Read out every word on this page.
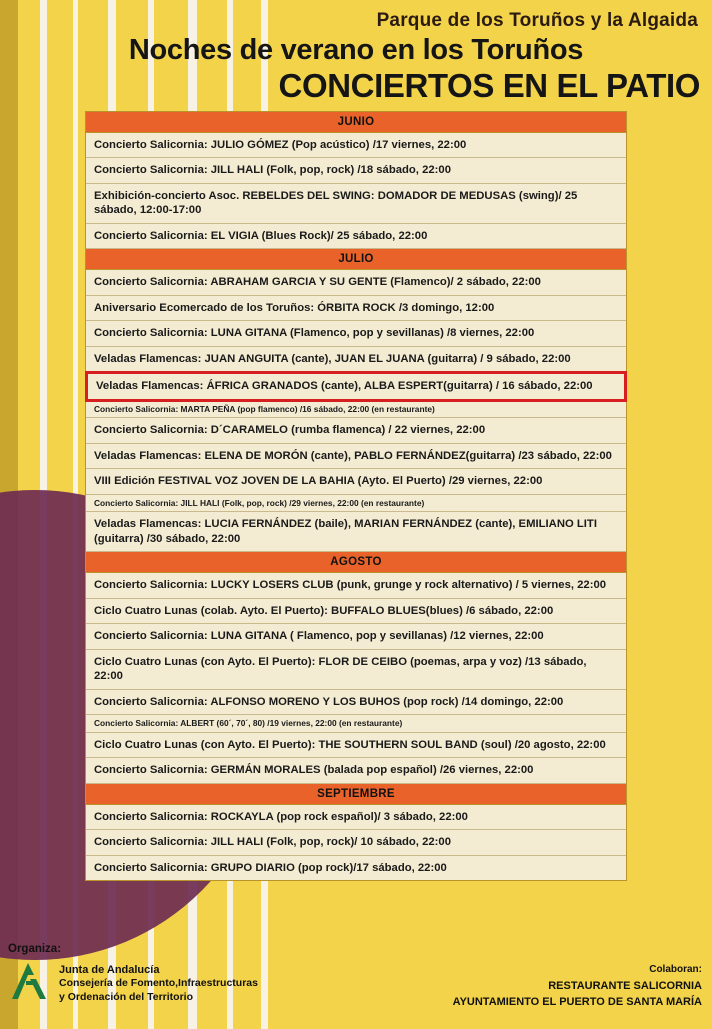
Parque de los Toruños y la Algaida
Noches de verano en los Toruños
CONCIERTOS EN EL PATIO
JUNIO
Concierto Salicornia: JULIO GÓMEZ (Pop acústico) /17 viernes, 22:00
Concierto Salicornia: JILL HALI (Folk, pop, rock) /18 sábado, 22:00
Exhibición-concierto Asoc. REBELDES DEL SWING: DOMADOR DE MEDUSAS (swing)/ 25 sábado, 12:00-17:00
Concierto Salicornia: EL VIGIA (Blues Rock)/ 25 sábado, 22:00
JULIO
Concierto Salicornia: ABRAHAM GARCIA Y SU GENTE (Flamenco)/ 2 sábado, 22:00
Aniversario Ecomercado de los Toruños: ÓRBITA ROCK /3 domingo, 12:00
Concierto Salicornia: LUNA GITANA (Flamenco, pop y sevillanas) /8 viernes, 22:00
Veladas Flamencas: JUAN ANGUITA (cante), JUAN EL JUANA (guitarra) / 9 sábado, 22:00
Veladas Flamencas: ÁFRICA GRANADOS (cante), ALBA ESPERT(guitarra) / 16 sábado, 22:00
Concierto Salicornia: MARTA PEÑA (pop flamenco) /16 sábado, 22:00 (en restaurante)
Concierto Salicornia: D´CARAMELO (rumba flamenca) / 22 viernes, 22:00
Veladas Flamencas: ELENA DE MORÓN (cante), PABLO FERNÁNDEZ(guitarra) /23 sábado, 22:00
VIII Edición FESTIVAL VOZ JOVEN DE LA BAHIA (Ayto. El Puerto) /29 viernes, 22:00
Concierto Salicornia: JILL HALI (Folk, pop, rock) /29 viernes, 22:00 (en restaurante)
Veladas Flamencas: LUCIA FERNÁNDEZ (baile), MARIAN FERNÁNDEZ (cante), EMILIANO LITI (guitarra) /30 sábado, 22:00
AGOSTO
Concierto Salicornia: LUCKY LOSERS CLUB (punk, grunge y rock alternativo) / 5 viernes, 22:00
Ciclo Cuatro Lunas (colab. Ayto. El Puerto): BUFFALO BLUES(blues) /6 sábado, 22:00
Concierto Salicornia: LUNA GITANA ( Flamenco, pop y sevillanas) /12 viernes, 22:00
Ciclo Cuatro Lunas (con Ayto. El Puerto): FLOR DE CEIBO (poemas, arpa y voz) /13 sábado, 22:00
Concierto Salicornia: ALFONSO MORENO Y LOS BUHOS (pop rock) /14 domingo, 22:00
Concierto Salicornia: ALBERT (60´, 70´, 80) /19 viernes, 22:00 (en restaurante)
Ciclo Cuatro Lunas (con Ayto. El Puerto): THE SOUTHERN SOUL BAND (soul) /20 agosto, 22:00
Concierto Salicornia: GERMÁN MORALES (balada pop español) /26 viernes, 22:00
SEPTIEMBRE
Concierto Salicornia: ROCKAYLA (pop rock español)/ 3 sábado, 22:00
Concierto Salicornia: JILL HALI (Folk, pop, rock)/ 10 sábado, 22:00
Concierto Salicornia: GRUPO DIARIO (pop rock)/17 sábado, 22:00
Organiza:
Junta de Andalucía
Consejería de Fomento,Infraestructuras
y Ordenación del Territorio
Colaboran:
RESTAURANTE SALICORNIA
AYUNTAMIENTO EL PUERTO DE SANTA MARÍA
